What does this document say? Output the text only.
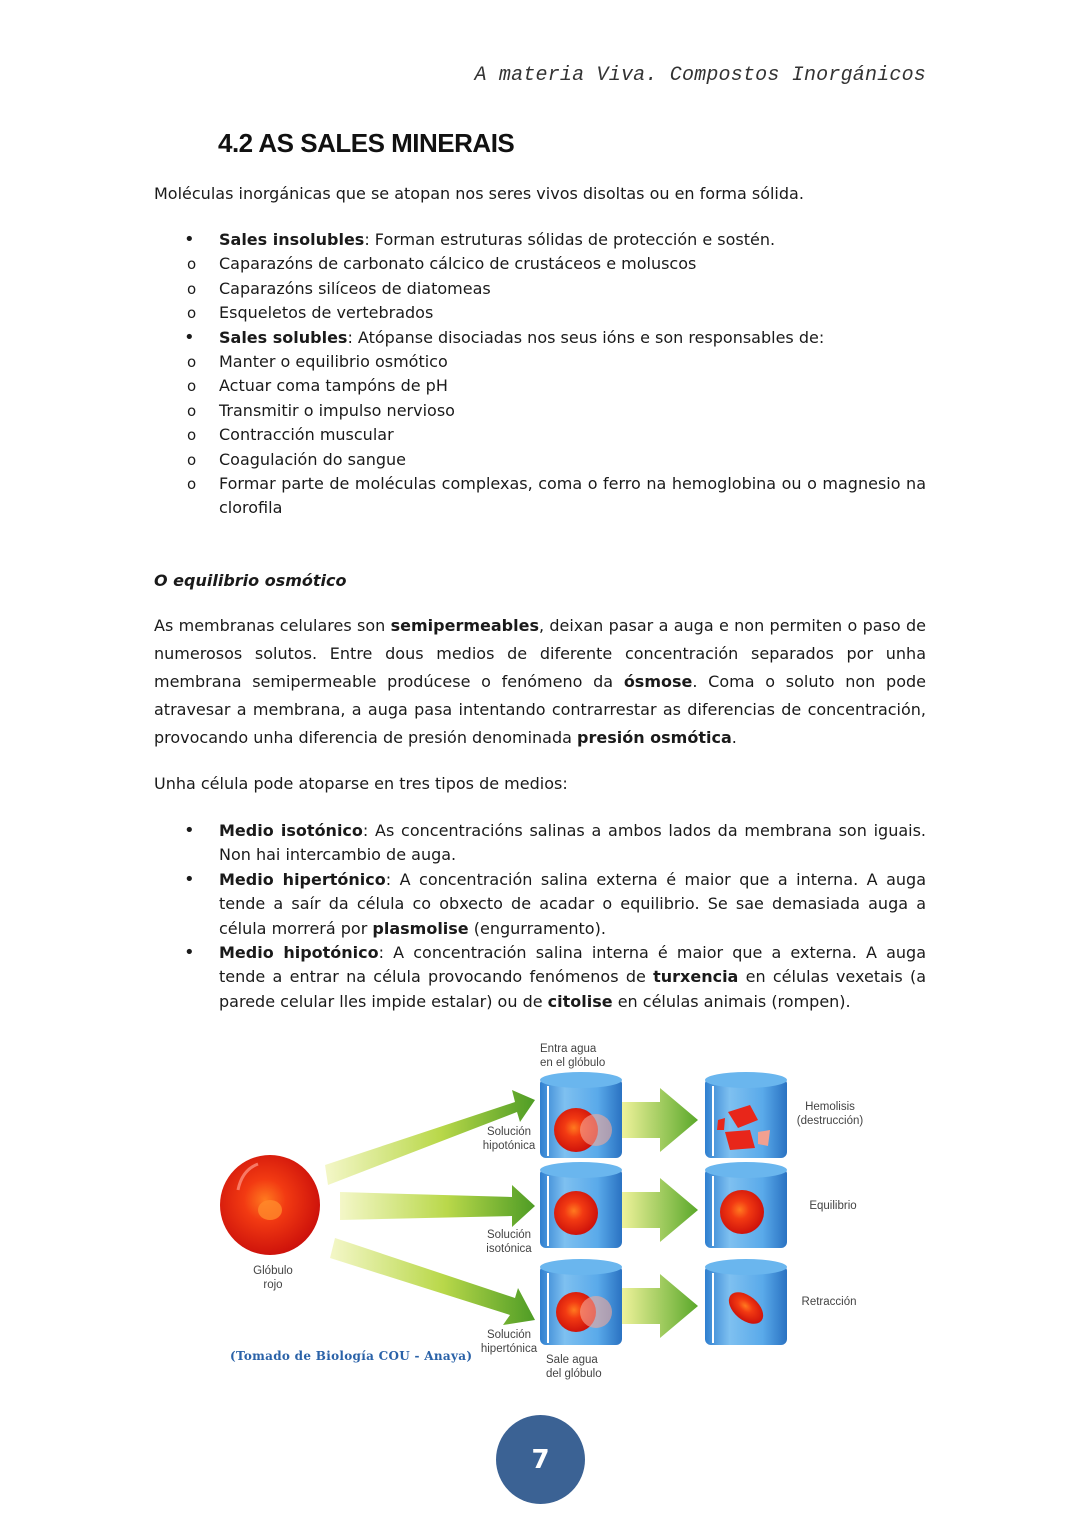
A materia Viva. Compostos Inorgánicos
4.2 AS SALES MINERAIS

Moléculas inorgánicas que se atopan nos seres vivos disoltas ou en forma sólida.

• Sales insolubles: Forman estruturas sólidas de protección e sostén.
o Caparazóns de carbonato cálcico de crustáceos e moluscos
o Caparazóns silíceos de diatomeas
o Esqueletos de vertebrados
• Sales solubles: Atópanse disociadas nos seus ións e son responsables de:
o Manter o equilibrio osmótico
o Actuar coma tampóns de pH
o Transmitir o impulso nervioso
o Contracción muscular
o Coagulación do sangue
o Formar parte de moléculas complexas, coma o ferro na hemoglobina ou o magnesio na clorofila

O equilibrio osmótico

As membranas celulares son semipermeables, deixan pasar a auga e non permiten o paso de numerosos solutos. Entre dous medios de diferente concentración separados por unha membrana semipermeable prodúcese o fenómeno da ósmose. Coma o soluto non pode atravesar a membrana, a auga pasa intentando contrarrestar as diferencias de concentración, provocando unha diferencia de presión denominada presión osmótica.

Unha célula pode atoparse en tres tipos de medios:

• Medio isotónico: As concentracións salinas a ambos lados da membrana son iguais. Non hai intercambio de auga.
• Medio hipertónico: A concentración salina externa é maior que a interna. A auga tende a saír da célula co obxecto de acadar o equilibrio. Se sae demasiada auga a célula morrerá por plasmolise (engurramento).
• Medio hipotónico: A concentración salina interna é maior que a externa. A auga tende a entrar na célula provocando fenómenos de turxencia en células vexetais (a parede celular lles impide estalar) ou de citolise en células animais (rompen).
Glóbulo
rojo
Entra agua
en el glóbulo
Solución
hipotónica
Solución
isotónica
Solución
hipertónica
Sale agua
del glóbulo
Hemolisis
(destrucción)
Equilibrio
Retracción
(Tomado de Biología COU - Anaya)
7
